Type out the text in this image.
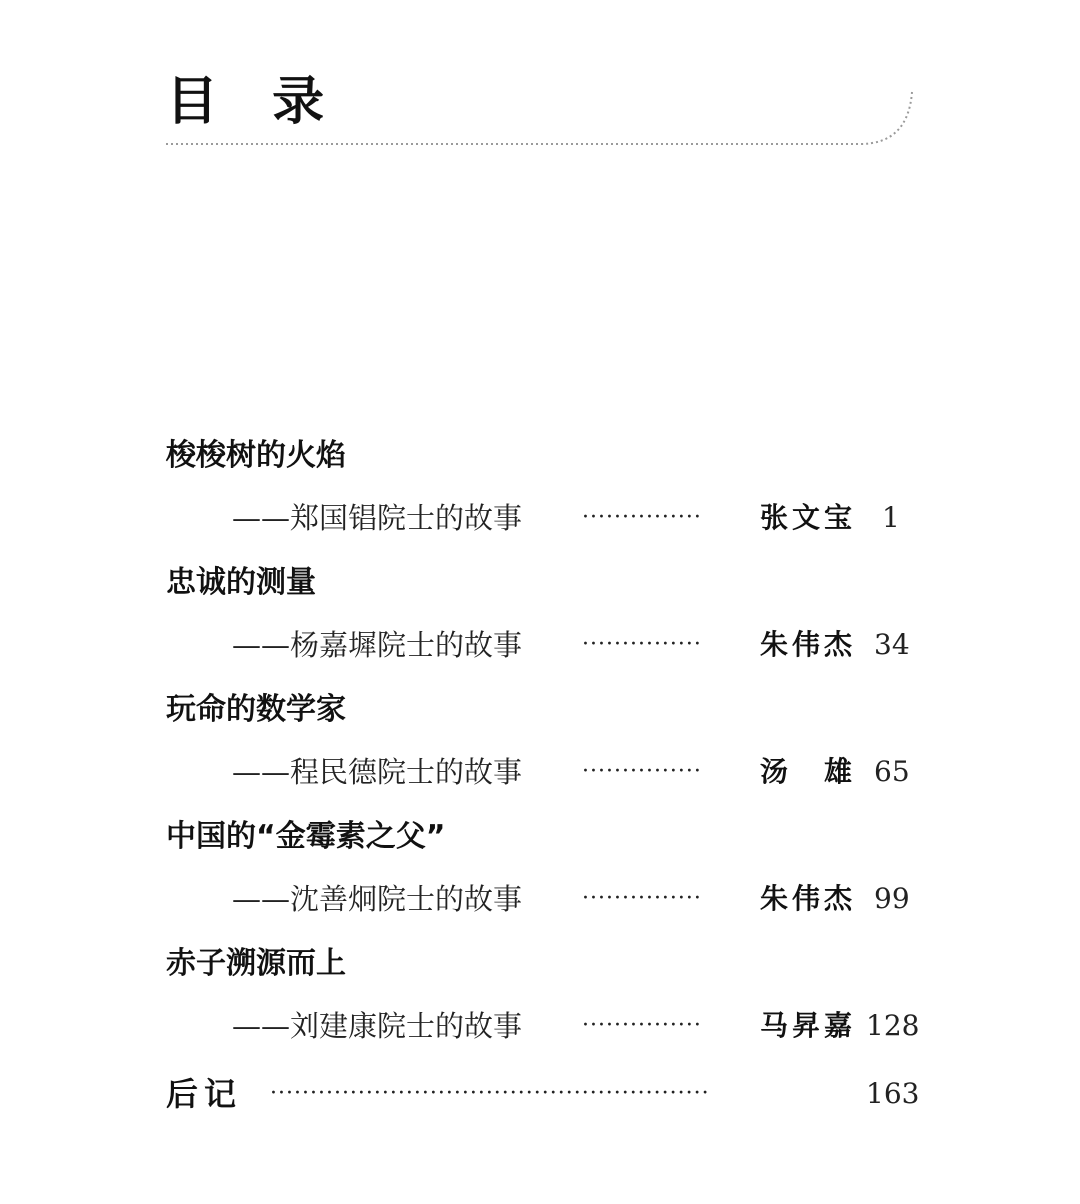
目 录
梭梭树的火焰
——郑国锠院士的故事	··············· 张文宝 1
忠诚的测量
——杨嘉墀院士的故事	··············· 朱伟杰 34
玩命的数学家
——程民德院士的故事	··············· 汤　雄 65
中国的“金霉素之父”
——沈善炯院士的故事	··············· 朱伟杰 99
赤子溯源而上
——刘建康院士的故事	··············· 马昇嘉 128
后记 ·······················································	163
